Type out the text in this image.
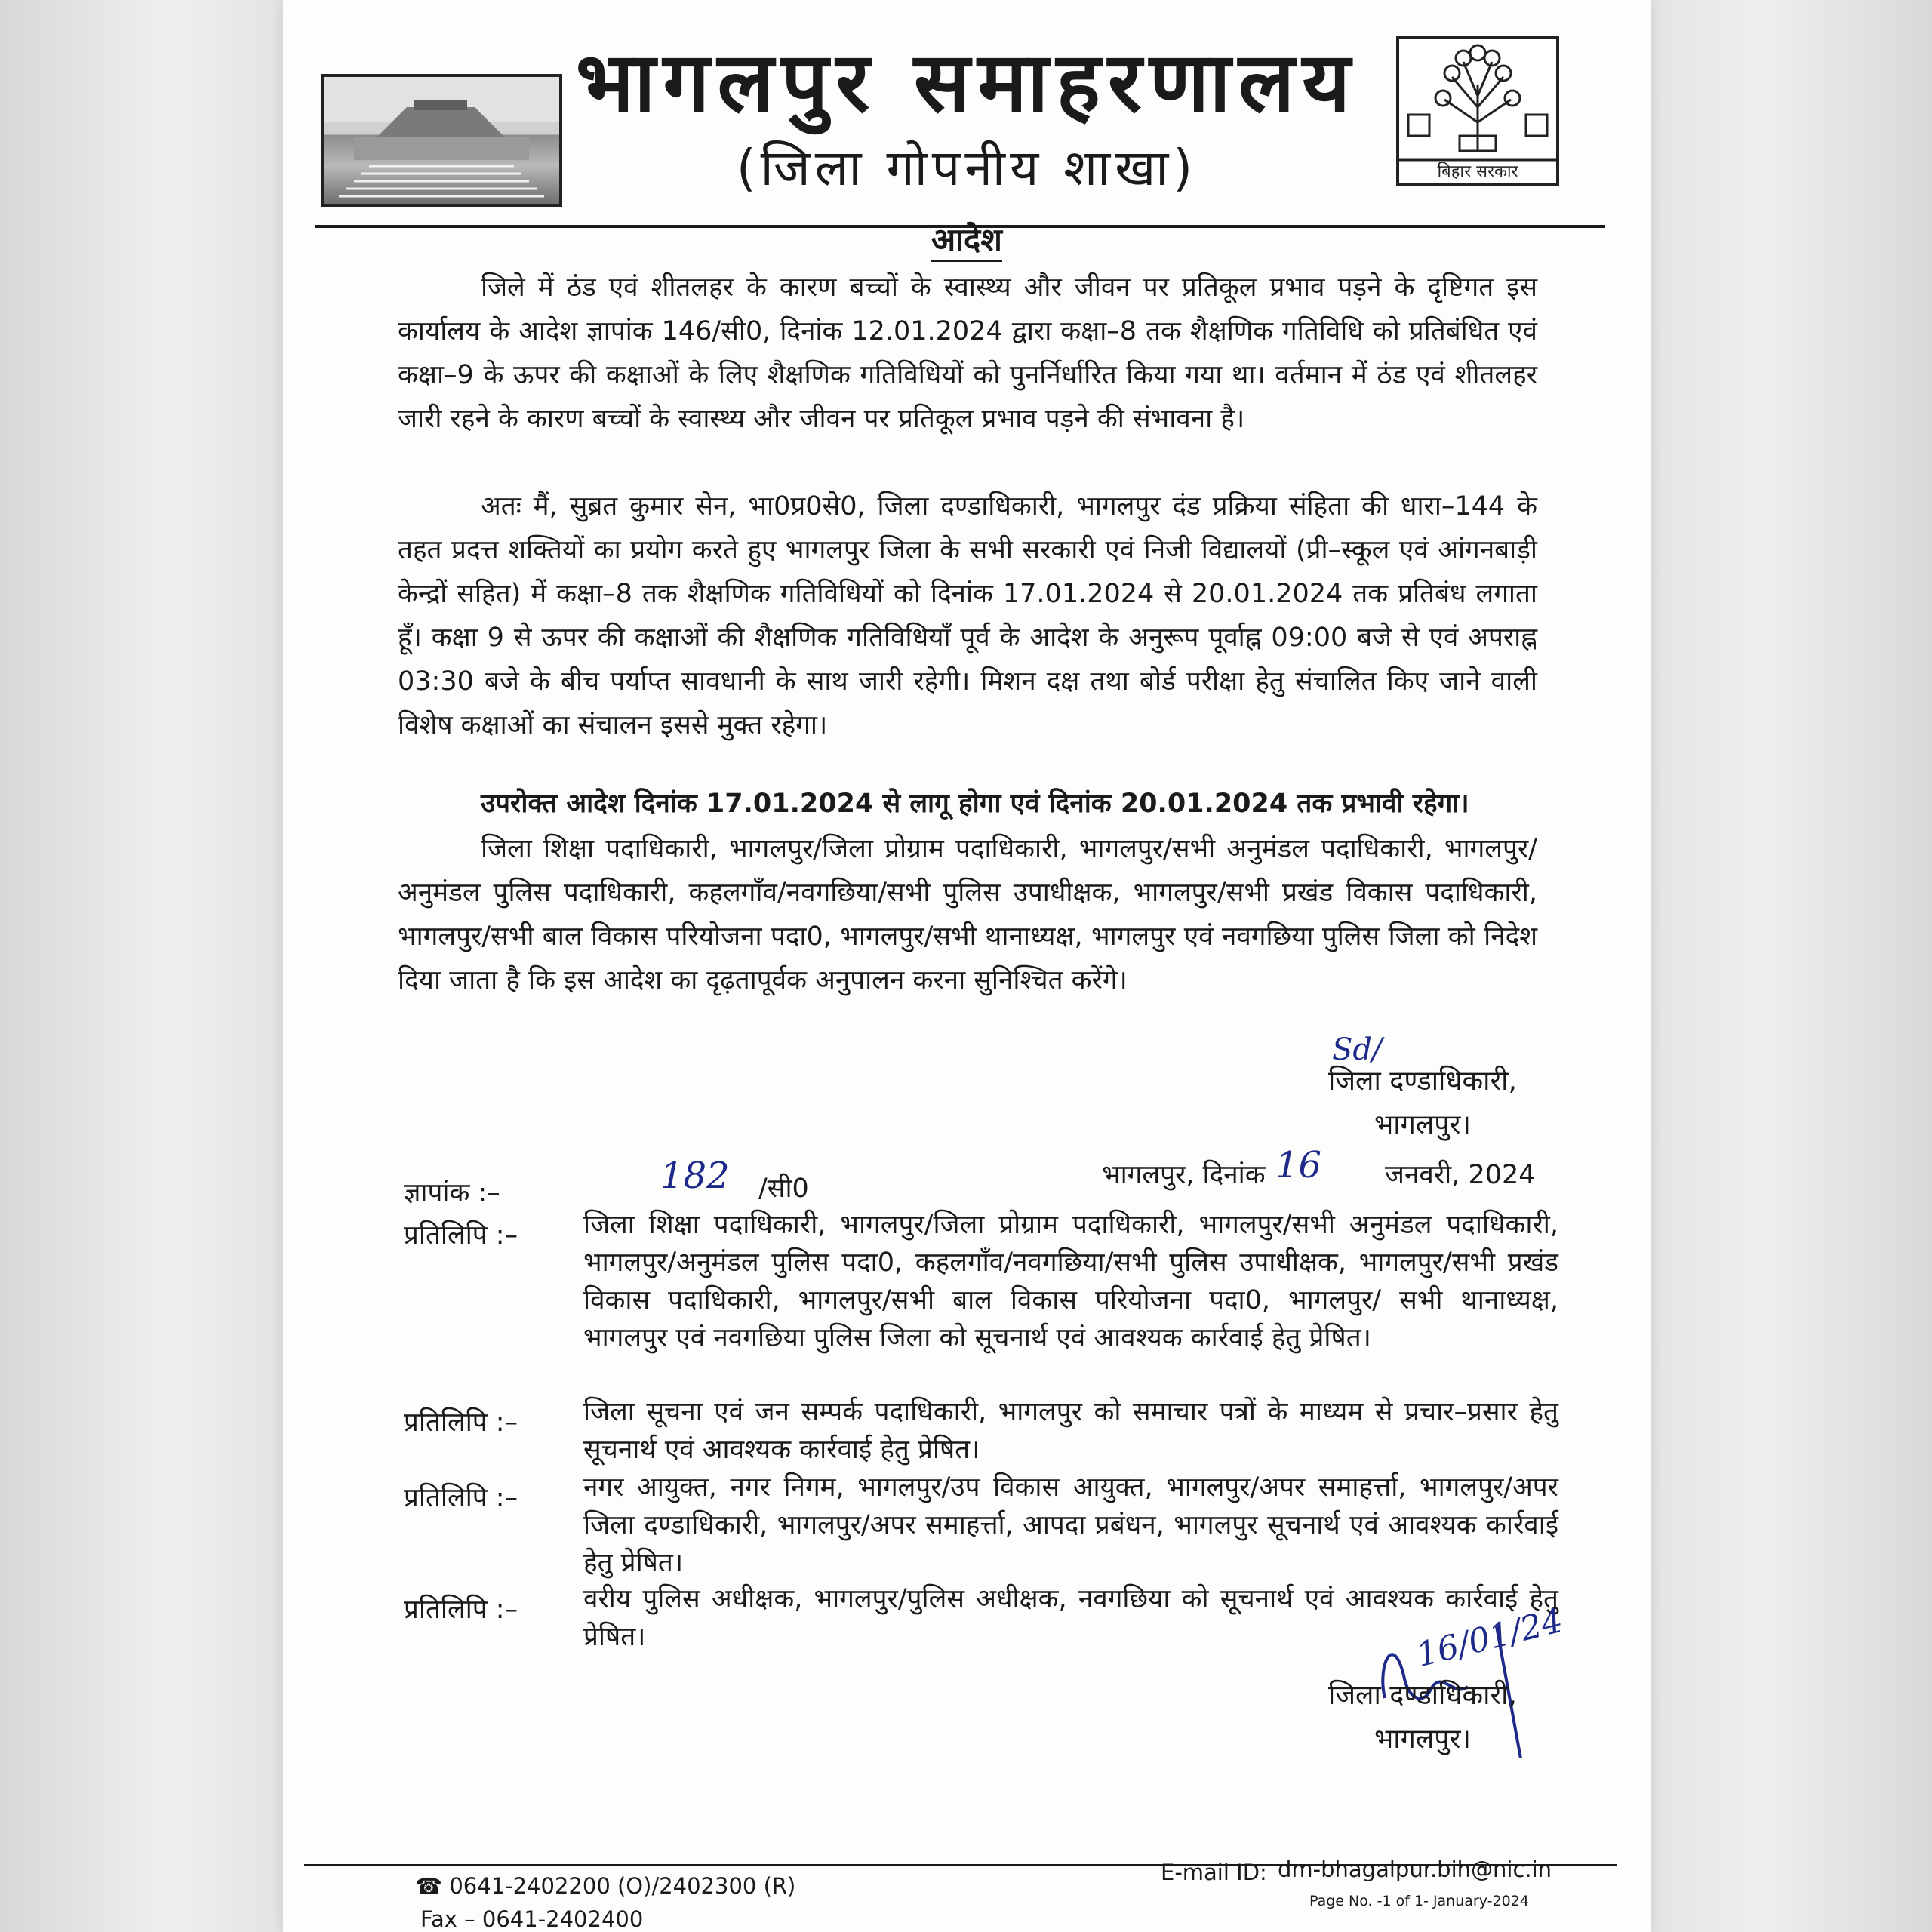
भागलपुर समाहरणालय
(जिला गोपनीय शाखा)	बिहार सरकार
आदेश
जिले में ठंड एवं शीतलहर के कारण बच्चों के स्वास्थ्य और जीवन पर प्रतिकूल प्रभाव पड़ने के दृष्टिगत इस कार्यालय के आदेश ज्ञापांक 146/सी0, दिनांक 12.01.2024 द्वारा कक्षा–8 तक शैक्षणिक गतिविधि को प्रतिबंधित एवं कक्षा–9 के ऊपर की कक्षाओं के लिए शैक्षणिक गतिविधियों को पुनर्निर्धारित किया गया था। वर्तमान में ठंड एवं शीतलहर जारी रहने के कारण बच्चों के स्वास्थ्य और जीवन पर प्रतिकूल प्रभाव पड़ने की संभावना है।
अतः मैं, सुब्रत कुमार सेन, भा0प्र0से0, जिला दण्डाधिकारी, भागलपुर दंड प्रक्रिया संहिता की धारा–144 के तहत प्रदत्त शक्तियों का प्रयोग करते हुए भागलपुर जिला के सभी सरकारी एवं निजी विद्यालयों (प्री–स्कूल एवं आंगनबाड़ी केन्द्रों सहित) में कक्षा–8 तक शैक्षणिक गतिविधियों को दिनांक 17.01.2024 से 20.01.2024 तक प्रतिबंध लगाता हूँ। कक्षा 9 से ऊपर की कक्षाओं की शैक्षणिक गतिविधियाँ पूर्व के आदेश के अनुरूप पूर्वाह्न 09:00 बजे से एवं अपराह्न 03:30 बजे के बीच पर्याप्त सावधानी के साथ जारी रहेगी। मिशन दक्ष तथा बोर्ड परीक्षा हेतु संचालित किए जाने वाली विशेष कक्षाओं का संचालन इससे मुक्त रहेगा।
उपरोक्त आदेश दिनांक 17.01.2024 से लागू होगा एवं दिनांक 20.01.2024 तक प्रभावी रहेगा।
जिला शिक्षा पदाधिकारी, भागलपुर/जिला प्रोग्राम पदाधिकारी, भागलपुर/सभी अनुमंडल पदाधिकारी, भागलपुर/अनुमंडल पुलिस पदाधिकारी, कहलगाँव/नवगछिया/सभी पुलिस उपाधीक्षक, भागलपुर/सभी प्रखंड विकास पदाधिकारी, भागलपुर/सभी बाल विकास परियोजना पदा0, भागलपुर/सभी थानाध्यक्ष, भागलपुर एवं नवगछिया पुलिस जिला को निदेश दिया जाता है कि इस आदेश का दृढ़तापूर्वक अनुपालन करना सुनिश्चित करेंगे।
Sd/
जिला दण्डाधिकारी,
भागलपुर।
ज्ञापांक :–	182 /सी0	भागलपुर, दिनांक 16 जनवरी, 2024
प्रतिलिपि :– जिला शिक्षा पदाधिकारी, भागलपुर/जिला प्रोग्राम पदाधिकारी, भागलपुर/सभी अनुमंडल पदाधिकारी, भागलपुर/अनुमंडल पुलिस पदा0, कहलगाँव/नवगछिया/सभी पुलिस उपाधीक्षक, भागलपुर/सभी प्रखंड विकास पदाधिकारी, भागलपुर/सभी बाल विकास परियोजना पदा0, भागलपुर/ सभी थानाध्यक्ष, भागलपुर एवं नवगछिया पुलिस जिला को सूचनार्थ एवं आवश्यक कार्रवाई हेतु प्रेषित।
प्रतिलिपि :– जिला सूचना एवं जन सम्पर्क पदाधिकारी, भागलपुर को समाचार पत्रों के माध्यम से प्रचार–प्रसार हेतु सूचनार्थ एवं आवश्यक कार्रवाई हेतु प्रेषित।
प्रतिलिपि :– नगर आयुक्त, नगर निगम, भागलपुर/उप विकास आयुक्त, भागलपुर/अपर समाहर्त्ता, भागलपुर/अपर जिला दण्डाधिकारी, भागलपुर/अपर समाहर्त्ता, आपदा प्रबंधन, भागलपुर सूचनार्थ एवं आवश्यक कार्रवाई हेतु प्रेषित।
प्रतिलिपि :– वरीय पुलिस अधीक्षक, भागलपुर/पुलिस अधीक्षक, नवगछिया को सूचनार्थ एवं आवश्यक कार्रवाई हेतु प्रेषित।	16/01/24
जिला दण्डाधिकारी,
भागलपुर।
☎ 0641-2402200 (O)/2402300 (R)
Fax – 0641-2402400
E-mail ID: dm-bhagalpur.bih@nic.in
Page No. -1 of 1- January-2024
